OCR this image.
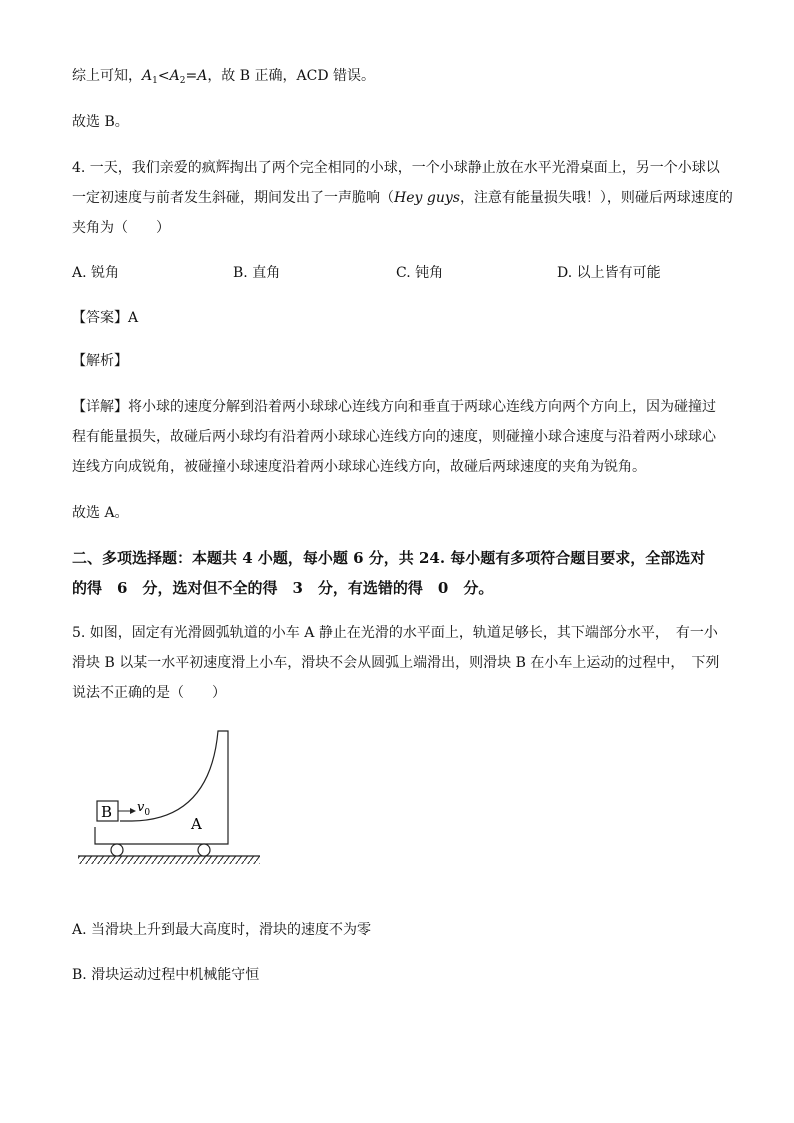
综上可知，$A_1<A_2=A$，故 B 正确，ACD 错误。
故选 B。
4. 一天，我们亲爱的疯辉掏出了两个完全相同的小球，一个小球静止放在水平光滑桌面上，另一个小球以
一定初速度与前者发生斜碰，期间发出了一声脆响（Hey guys，注意有能量损失哦！），则碰后两球速度的
夹角为（　　）
A. 锐角	B. 直角	C. 钝角	D. 以上皆有可能
【答案】A
【解析】
【详解】将小球的速度分解到沿着两小球球心连线方向和垂直于两球心连线方向两个方向上，因为碰撞过
程有能量损失，故碰后两小球均有沿着两小球球心连线方向的速度，则碰撞小球合速度与沿着两小球球心
连线方向成锐角，被碰撞小球速度沿着两小球球心连线方向，故碰后两球速度的夹角为锐角。
故选 A。
二、多项选择题：本题共 4 小题，每小题 6 分，共 24. 每小题有多项符合题目要求，全部选对
的得　6　分，选对但不全的得　3　分，有选错的得　0　分。
5. 如图，固定有光滑圆弧轨道的小车 A 静止在光滑的水平面上，轨道足够长，其下端部分水平，　有一小
滑块 B 以某一水平初速度滑上小车，滑块不会从圆弧上端滑出，则滑块 B 在小车上运动的过程中，　下列
说法不正确的是（　　）
B $v_0$
A
A. 当滑块上升到最大高度时，滑块的速度不为零
B. 滑块运动过程中机械能守恒
